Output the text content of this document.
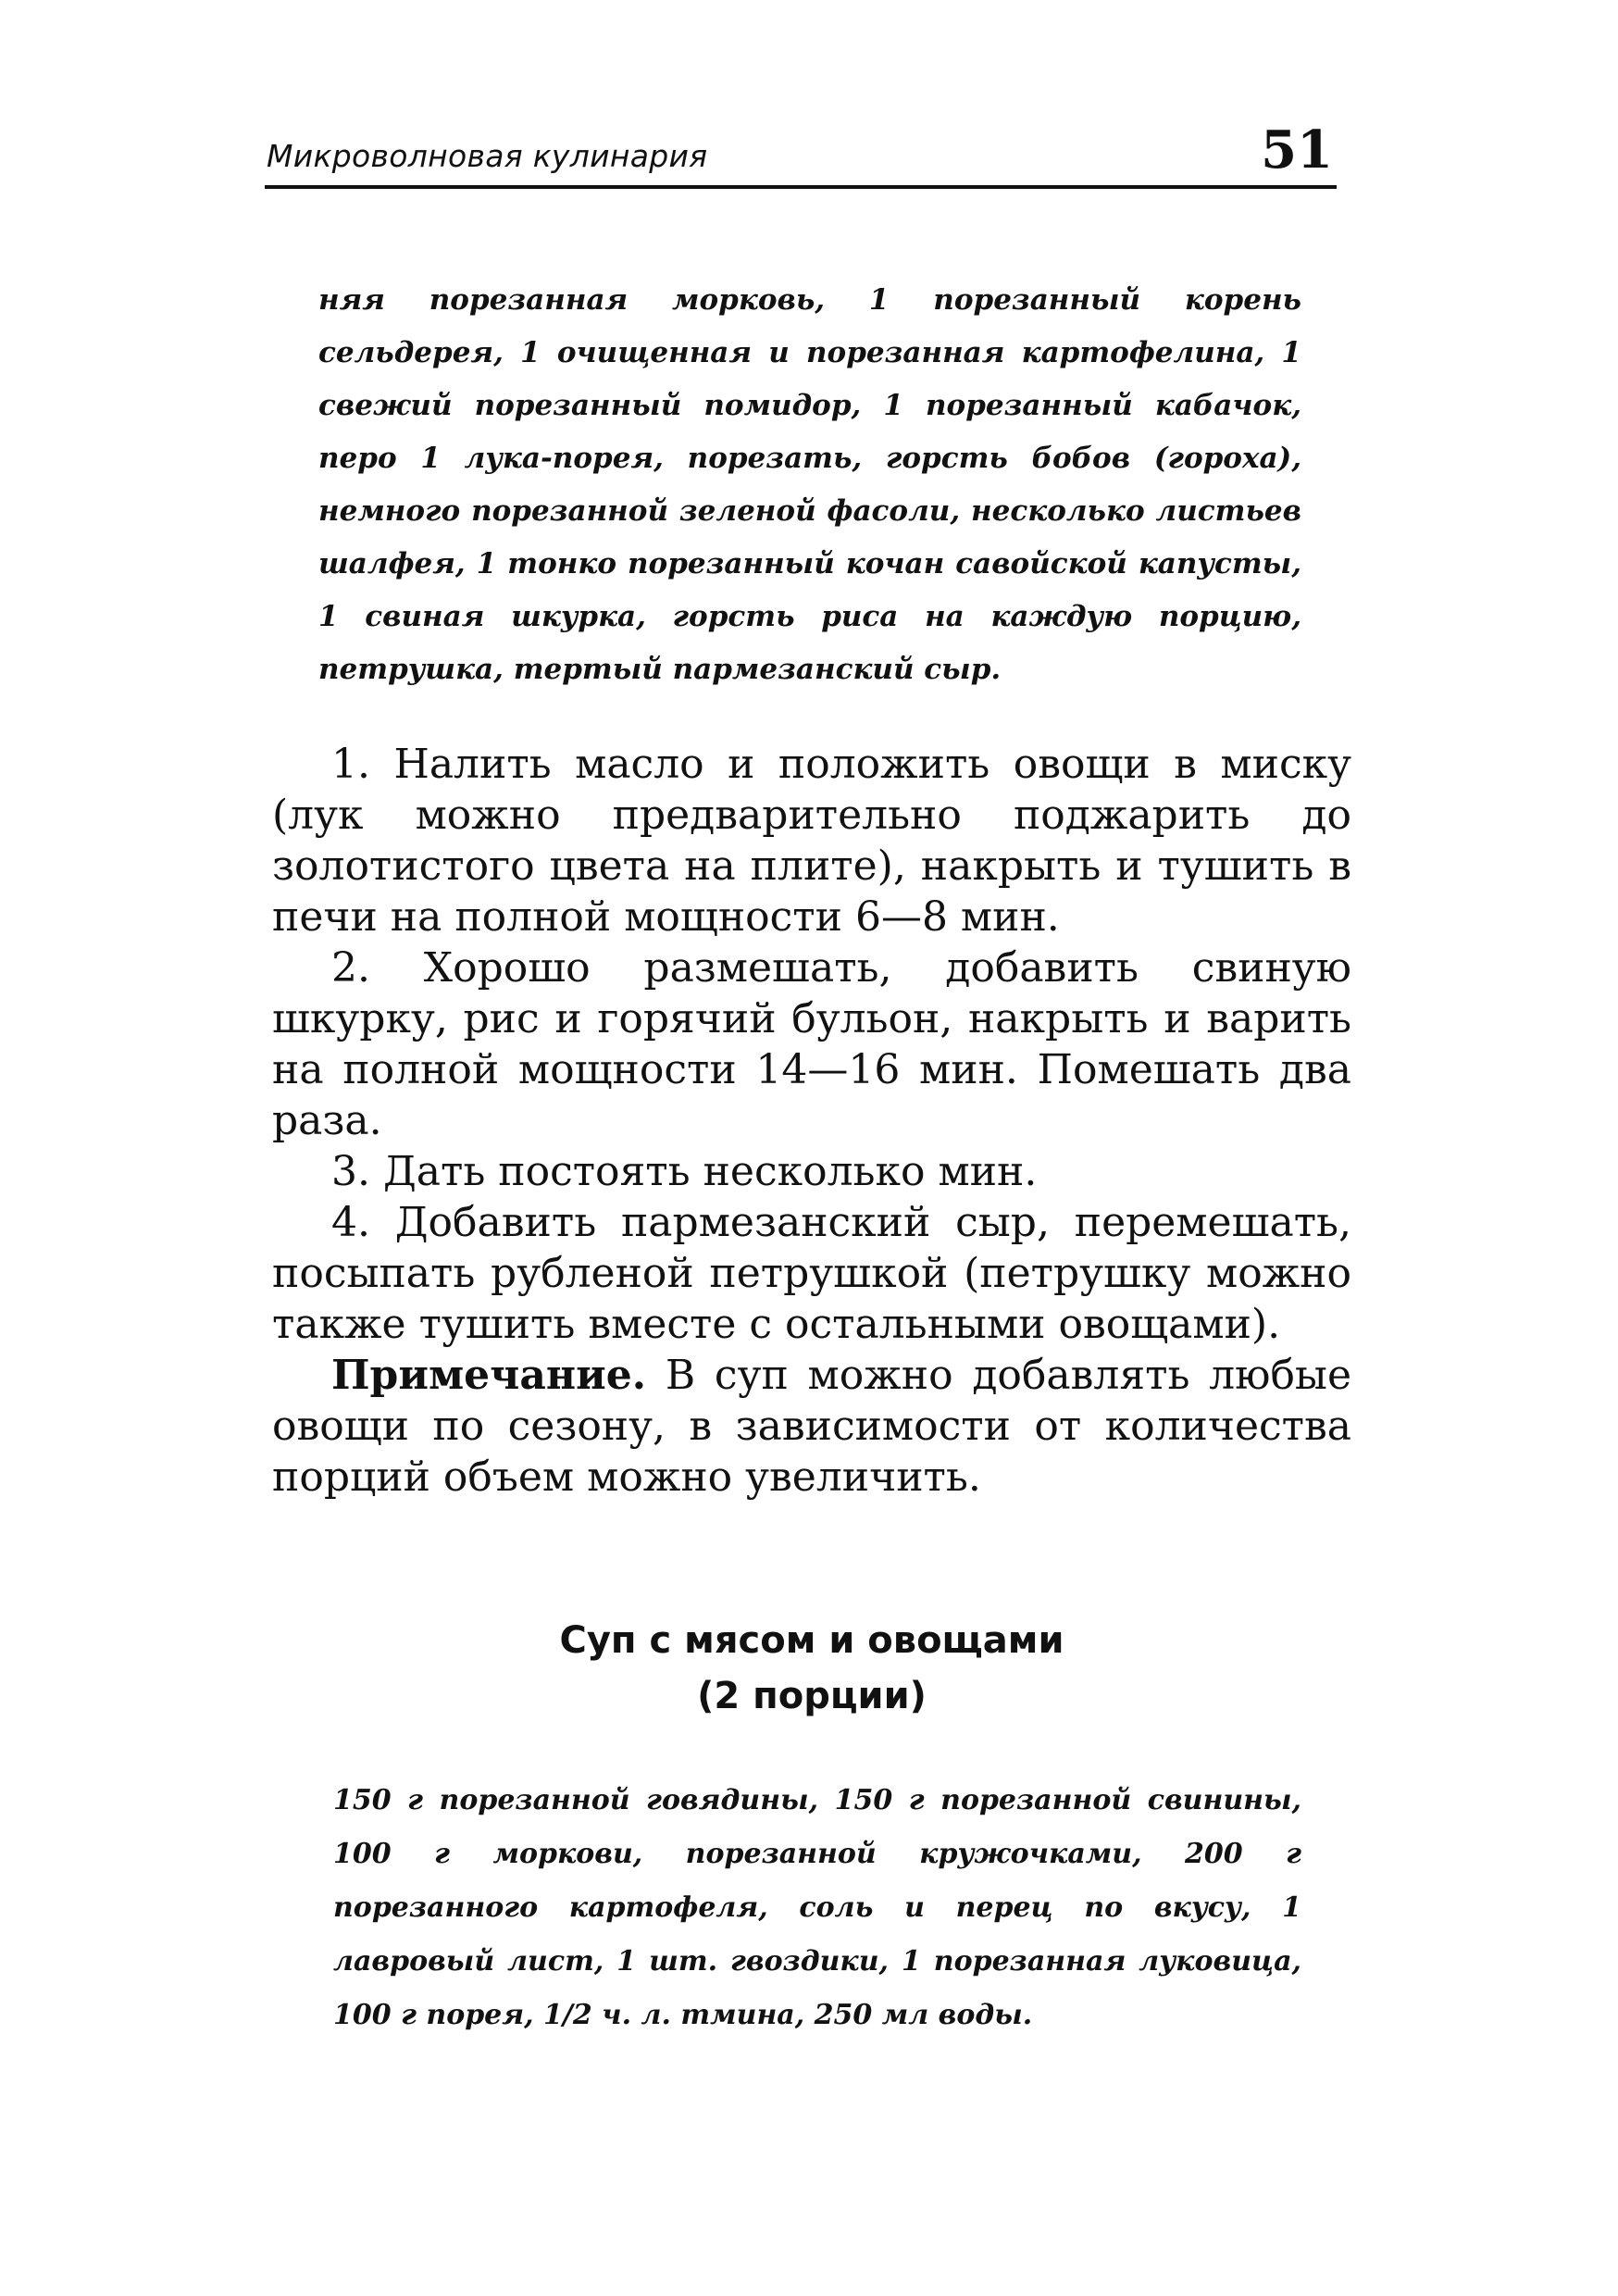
Микроволновая кулинария	51

няя порезанная морковь, 1 порезанный корень сельдерея, 1 очищенная и порезанная картофелина, 1 свежий порезанный помидор, 1 порезанный кабачок, перо 1 лука-порея, порезать, горсть бобов (гороха), немного порезанной зеленой фасоли, несколько листьев шалфея, 1 тонко порезанный кочан савойской капусты, 1 свиная шкурка, горсть риса на каждую порцию, петрушка, тертый пармезанский сыр.

1. Налить масло и положить овощи в миску (лук можно предварительно поджарить до золотистого цвета на плите), накрыть и тушить в печи на полной мощности 6—8 мин.

2. Хорошо размешать, добавить свиную шкурку, рис и горячий бульон, накрыть и варить на полной мощности 14—16 мин. Помешать два раза.

3. Дать постоять несколько мин.

4. Добавить пармезанский сыр, перемешать, посыпать рубленой петрушкой (петрушку можно также тушить вместе с остальными овощами).

Примечание. В суп можно добавлять любые овощи по сезону, в зависимости от количества порций объем можно увеличить.

Суп с мясом и овощами
(2 порции)

150 г порезанной говядины, 150 г порезанной свинины, 100 г моркови, порезанной кружочками, 200 г порезанного картофеля, соль и перец по вкусу, 1 лавровый лист, 1 шт. гвоздики, 1 порезанная луковица, 100 г порея, 1/2 ч. л. тмина, 250 мл воды.
